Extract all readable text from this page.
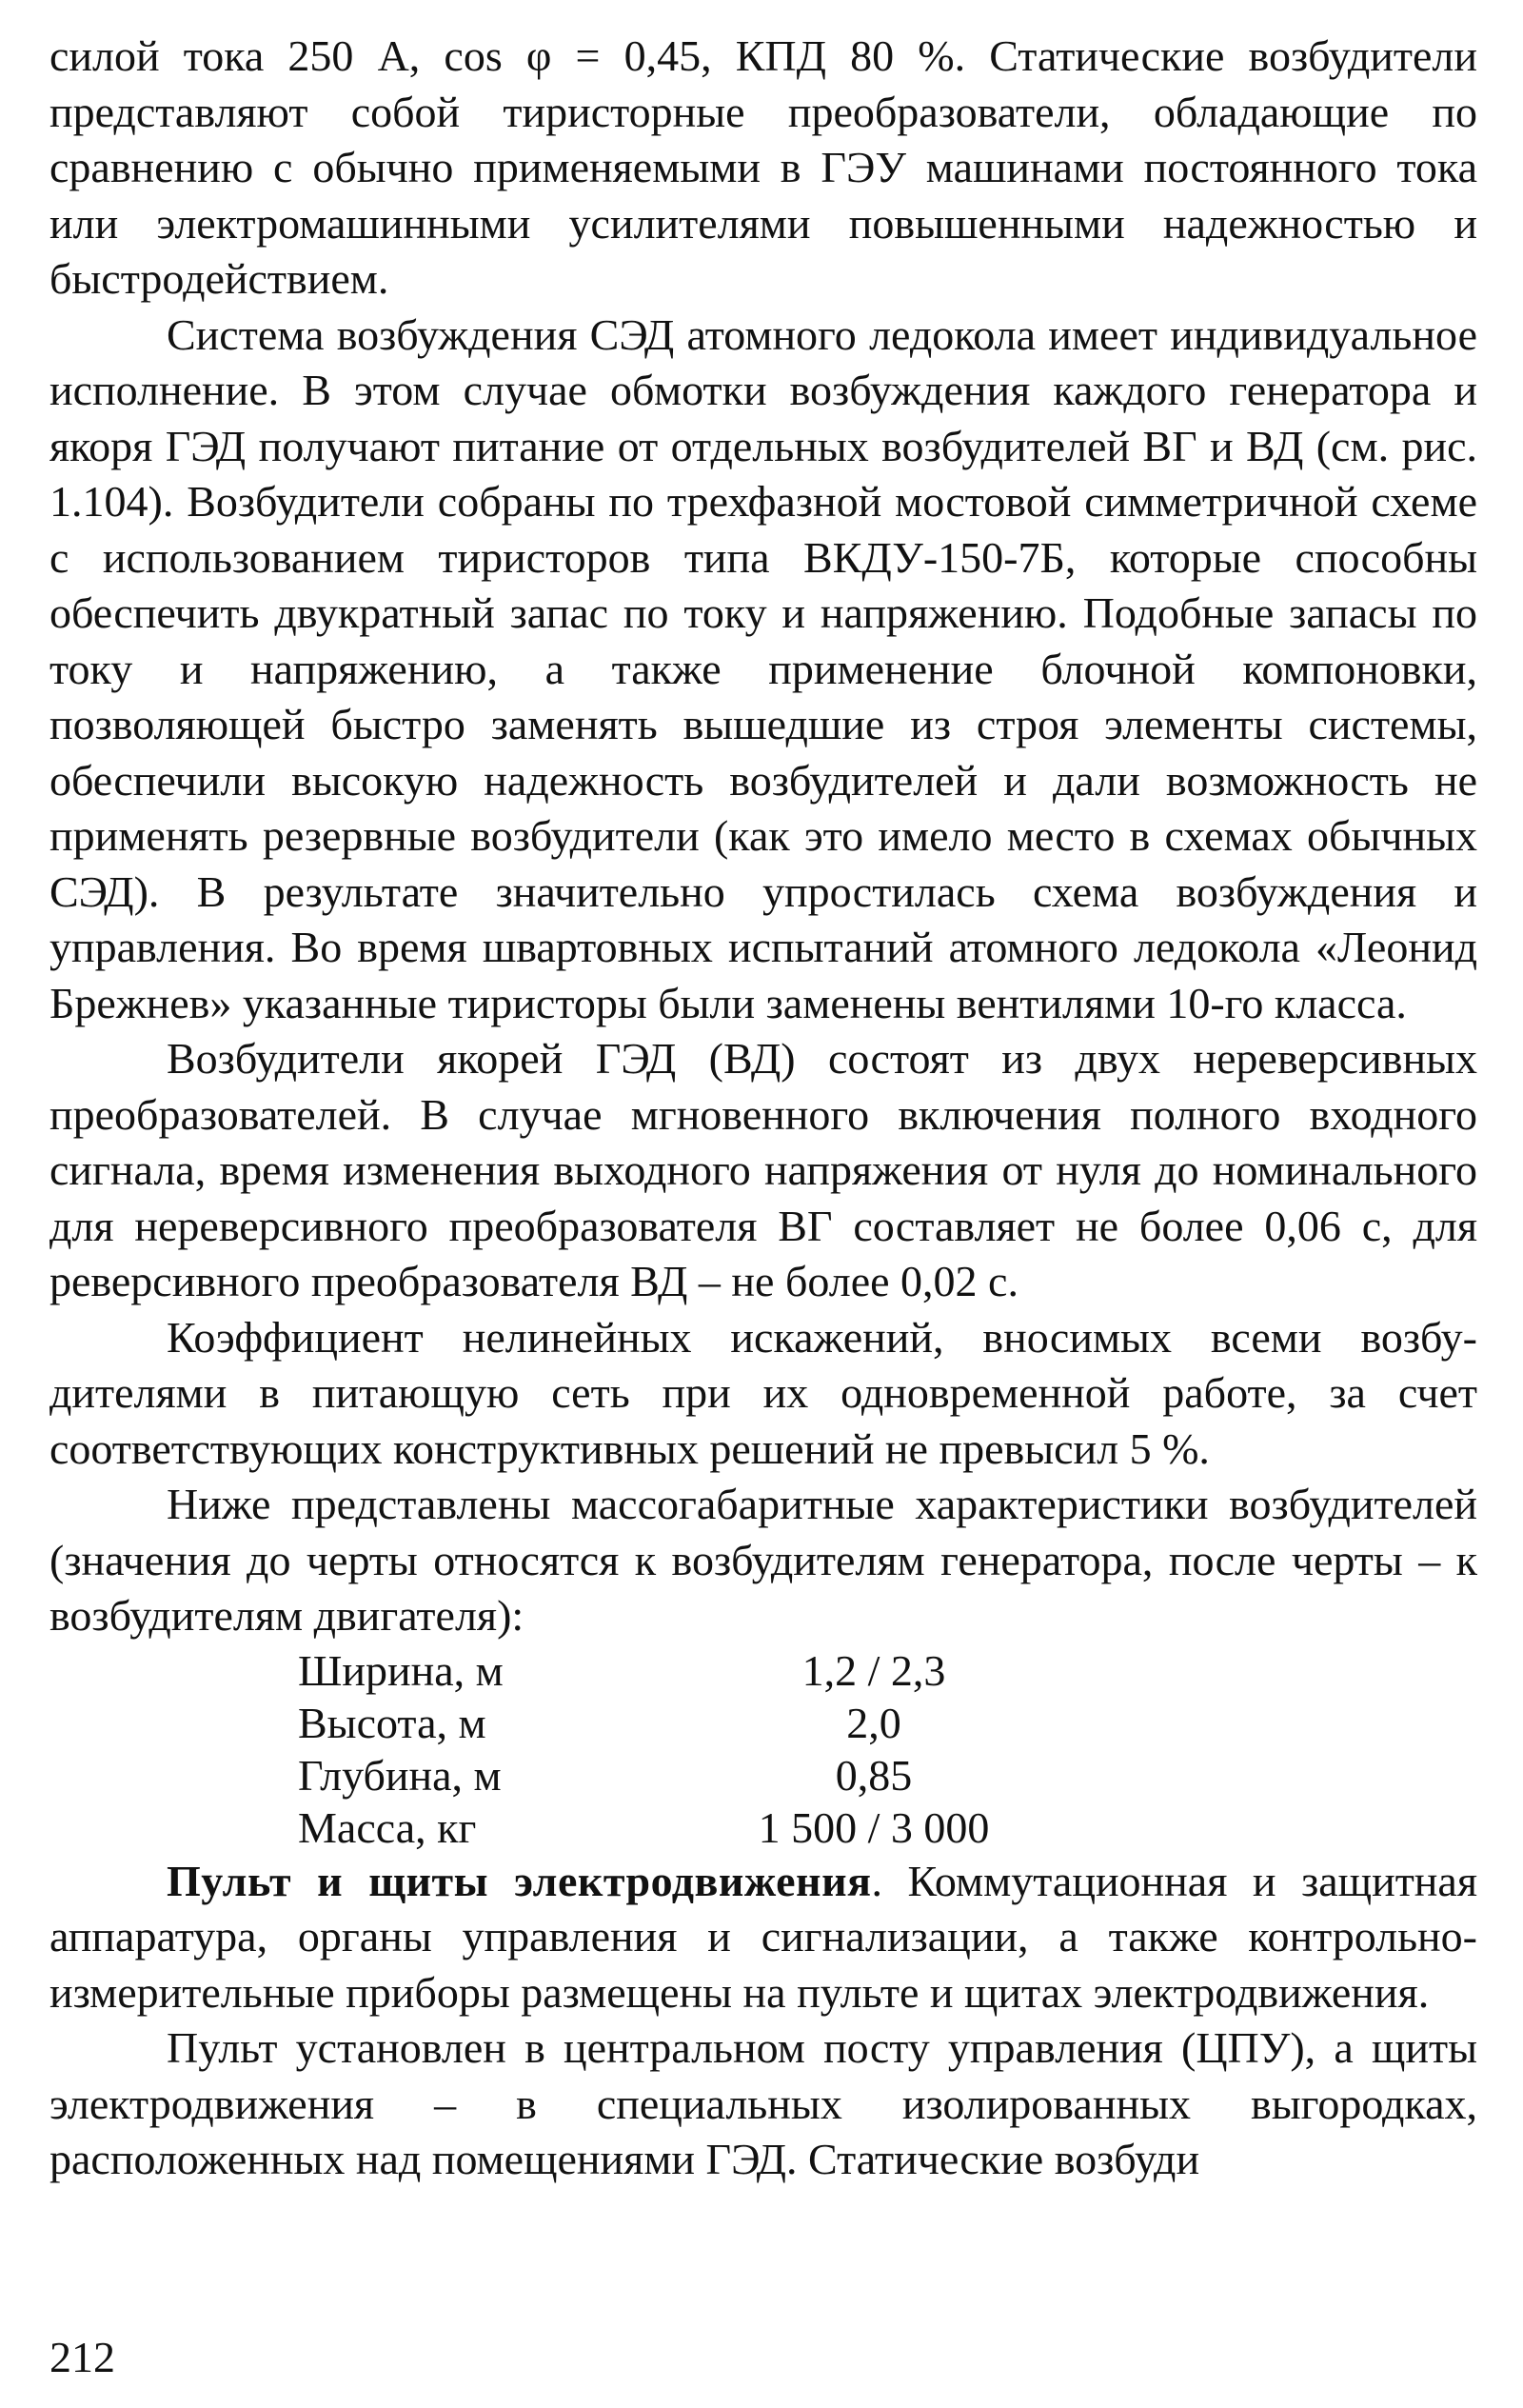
силой тока 250 А, cos φ = 0,45, КПД 80 %. Статические возбудители представляют собой тиристорные преобразователи, обладающие по сравнению с обычно применяемыми в ГЭУ машинами постоянного тока или электромашинными усилителями повышенными надежностью и быстродействием.

Система возбуждения СЭД атомного ледокола имеет индивидуальное исполнение. В этом случае обмотки возбуждения каждого генератора и якоря ГЭД получают питание от отдельных возбудителей ВГ и ВД (см. рис. 1.104). Возбудители собраны по трехфазной мостовой симметричной схеме с использованием тиристоров типа ВКДУ-150-7Б, которые способны обеспечить двукратный запас по току и напряжению. Подобные запасы по току и напряжению, а также применение блочной компоновки, позволяющей быстро заменять вышедшие из строя элементы системы, обеспечили высокую надежность возбудителей и дали возможность не применять резервные возбудители (как это имело место в схемах обычных СЭД). В результате значительно упростилась схема возбуждения и управления. Во время швартовных испытаний атомного ледокола «Леонид Брежнев» указанные тиристоры были заменены вентилями 10-го класса.

Возбудители якорей ГЭД (ВД) состоят из двух нереверсивных преобразователей. В случае мгновенного включения полного входного сигнала, время изменения выходного напряжения от нуля до номинального для нереверсивного преобразователя ВГ составляет не более 0,06 с, для реверсивного преобразователя ВД – не более 0,02 с.

Коэффициент нелинейных искажений, вносимых всеми возбудителями в питающую сеть при их одновременной работе, за счет соответствующих конструктивных решений не превысил 5 %.

Ниже представлены массогабаритные характеристики возбудителей (значения до черты относятся к возбудителям генератора, после черты – к возбудителям двигателя):

Ширина, м	1,2 / 2,3
Высота, м	2,0
Глубина, м	0,85
Масса, кг	1 500 / 3 000

Пульт и щиты электродвижения. Коммутационная и защитная аппаратура, органы управления и сигнализации, а также контрольно-измерительные приборы размещены на пульте и щитах электродвижения.

Пульт установлен в центральном посту управления (ЦПУ), а щиты электродвижения – в специальных изолированных выгородках, расположенных над помещениями ГЭД. Статические возбуди

212
